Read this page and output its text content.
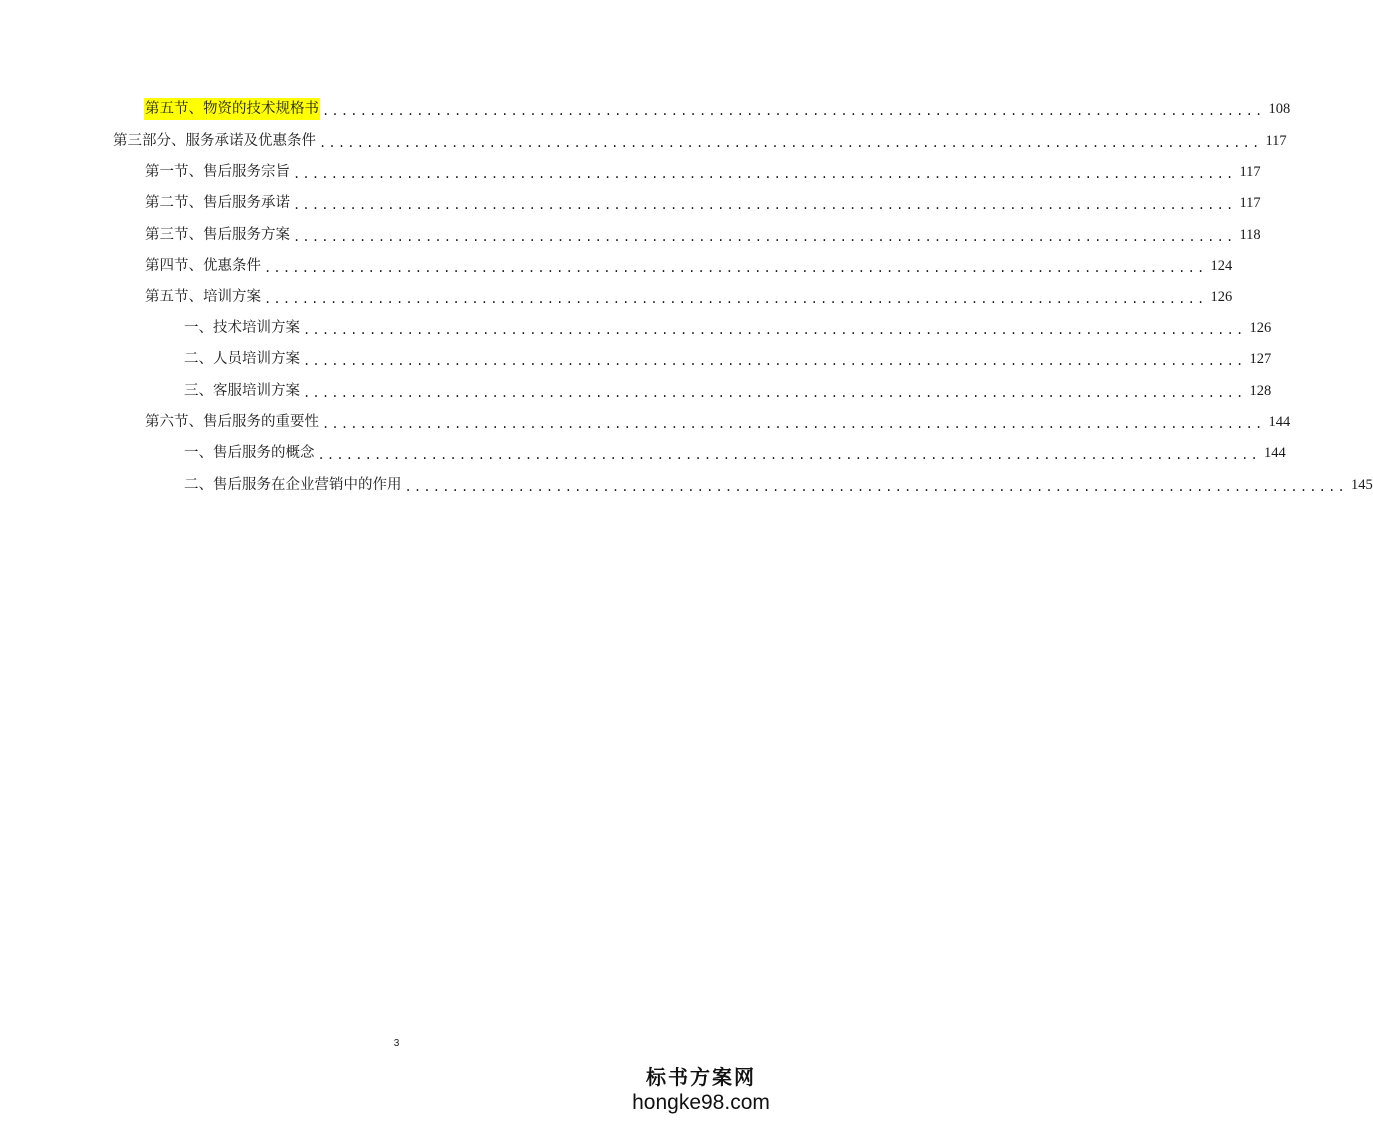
第五节、物资的技术规格书 .................................................................................................... 108
第三部分、服务承诺及优惠条件 .................................................................................................... 117
第一节、售后服务宗旨 .................................................................................................... 117
第二节、售后服务承诺 .................................................................................................... 117
第三节、售后服务方案 .................................................................................................... 118
第四节、优惠条件 .................................................................................................... 124
第五节、培训方案 .................................................................................................... 126
一、技术培训方案 .................................................................................................... 126
二、人员培训方案 .................................................................................................... 127
三、客服培训方案 .................................................................................................... 128
第六节、售后服务的重要性 .................................................................................................... 144
一、售后服务的概念 .................................................................................................... 144
二、售后服务在企业营销中的作用 .................................................................................................... 145
3
标书方案网
hongke98.com
